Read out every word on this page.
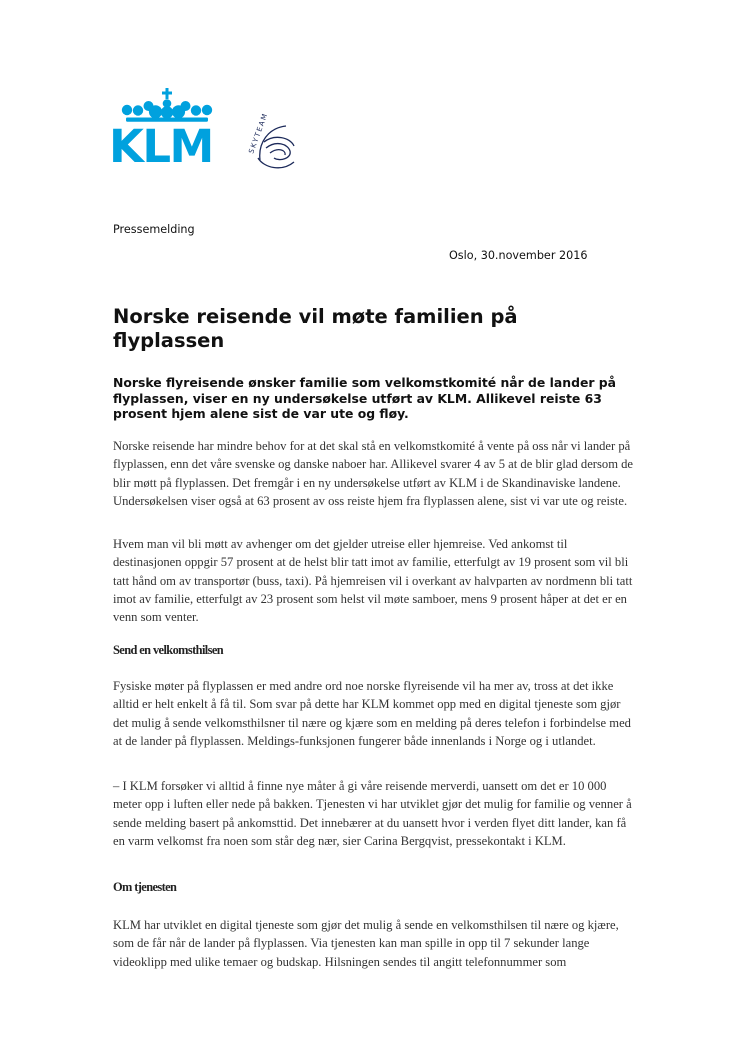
KLM	SKYTEAM
Pressemelding
Oslo, 30.november 2016
Norske reisende vil møte familien på flyplassen

Norske flyreisende ønsker familie som velkomstkomité når de lander på flyplassen, viser en ny undersøkelse utført av KLM. Allikevel reiste 63 prosent hjem alene sist de var ute og fløy.

Norske reisende har mindre behov for at det skal stå en velkomstkomité å vente på oss når vi lander på flyplassen, enn det våre svenske og danske naboer har. Allikevel svarer 4 av 5 at de blir glad dersom de blir møtt på flyplassen. Det fremgår i en ny undersøkelse utført av KLM i de Skandinaviske landene. Undersøkelsen viser også at 63 prosent av oss reiste hjem fra flyplassen alene, sist vi var ute og reiste.

Hvem man vil bli møtt av avhenger om det gjelder utreise eller hjemreise. Ved ankomst til destinasjonen oppgir 57 prosent at de helst blir tatt imot av familie, etterfulgt av 19 prosent som vil bli tatt hånd om av transportør (buss, taxi). På hjemreisen vil i overkant av halvparten av nordmenn bli tatt imot av familie, etterfulgt av 23 prosent som helst vil møte samboer, mens 9 prosent håper at det er en venn som venter.

Send en velkomsthilsen

Fysiske møter på flyplassen er med andre ord noe norske flyreisende vil ha mer av, tross at det ikke alltid er helt enkelt å få til. Som svar på dette har KLM kommet opp med en digital tjeneste som gjør det mulig å sende velkomsthilsner til nære og kjære som en melding på deres telefon i forbindelse med at de lander på flyplassen. Meldings-funksjonen fungerer både innenlands i Norge og i utlandet.

– I KLM forsøker vi alltid å finne nye måter å gi våre reisende merverdi, uansett om det er 10 000 meter opp i luften eller nede på bakken. Tjenesten vi har utviklet gjør det mulig for familie og venner å sende melding basert på ankomsttid. Det innebærer at du uansett hvor i verden flyet ditt lander, kan få en varm velkomst fra noen som står deg nær, sier Carina Bergqvist, pressekontakt i KLM.

Om tjenesten

KLM har utviklet en digital tjeneste som gjør det mulig å sende en velkomsthilsen til nære og kjære, som de får når de lander på flyplassen. Via tjenesten kan man spille in opp til 7 sekunder lange videoklipp med ulike temaer og budskap. Hilsningen sendes til angitt telefonnummer som
